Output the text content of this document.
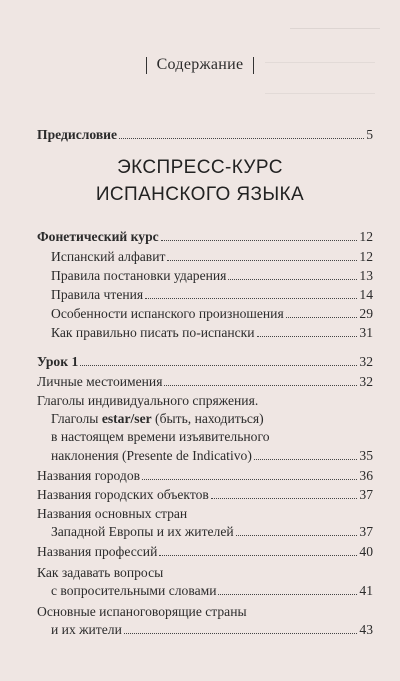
Содержание
Предисловие	5
ЭКСПРЕСС-КУРС
ИСПАНСКОГО ЯЗЫКА
Фонетический курс	12
Испанский алфавит	12
Правила постановки ударения	13
Правила чтения	14
Особенности испанского произношения	29
Как правильно писать по-испански	31
Урок 1	32
Личные местоимения	32
Глаголы индивидуального спряжения.
Глаголы estar/ser (быть, находиться)
в настоящем времени изъявительного
наклонения (Presente de Indicativo)	35
Названия городов	36
Названия городских объектов	37
Названия основных стран
Западной Европы и их жителей	37
Названия профессий	40
Как задавать вопросы
с вопросительными словами	41
Основные испаноговорящие страны
и их жители	43
